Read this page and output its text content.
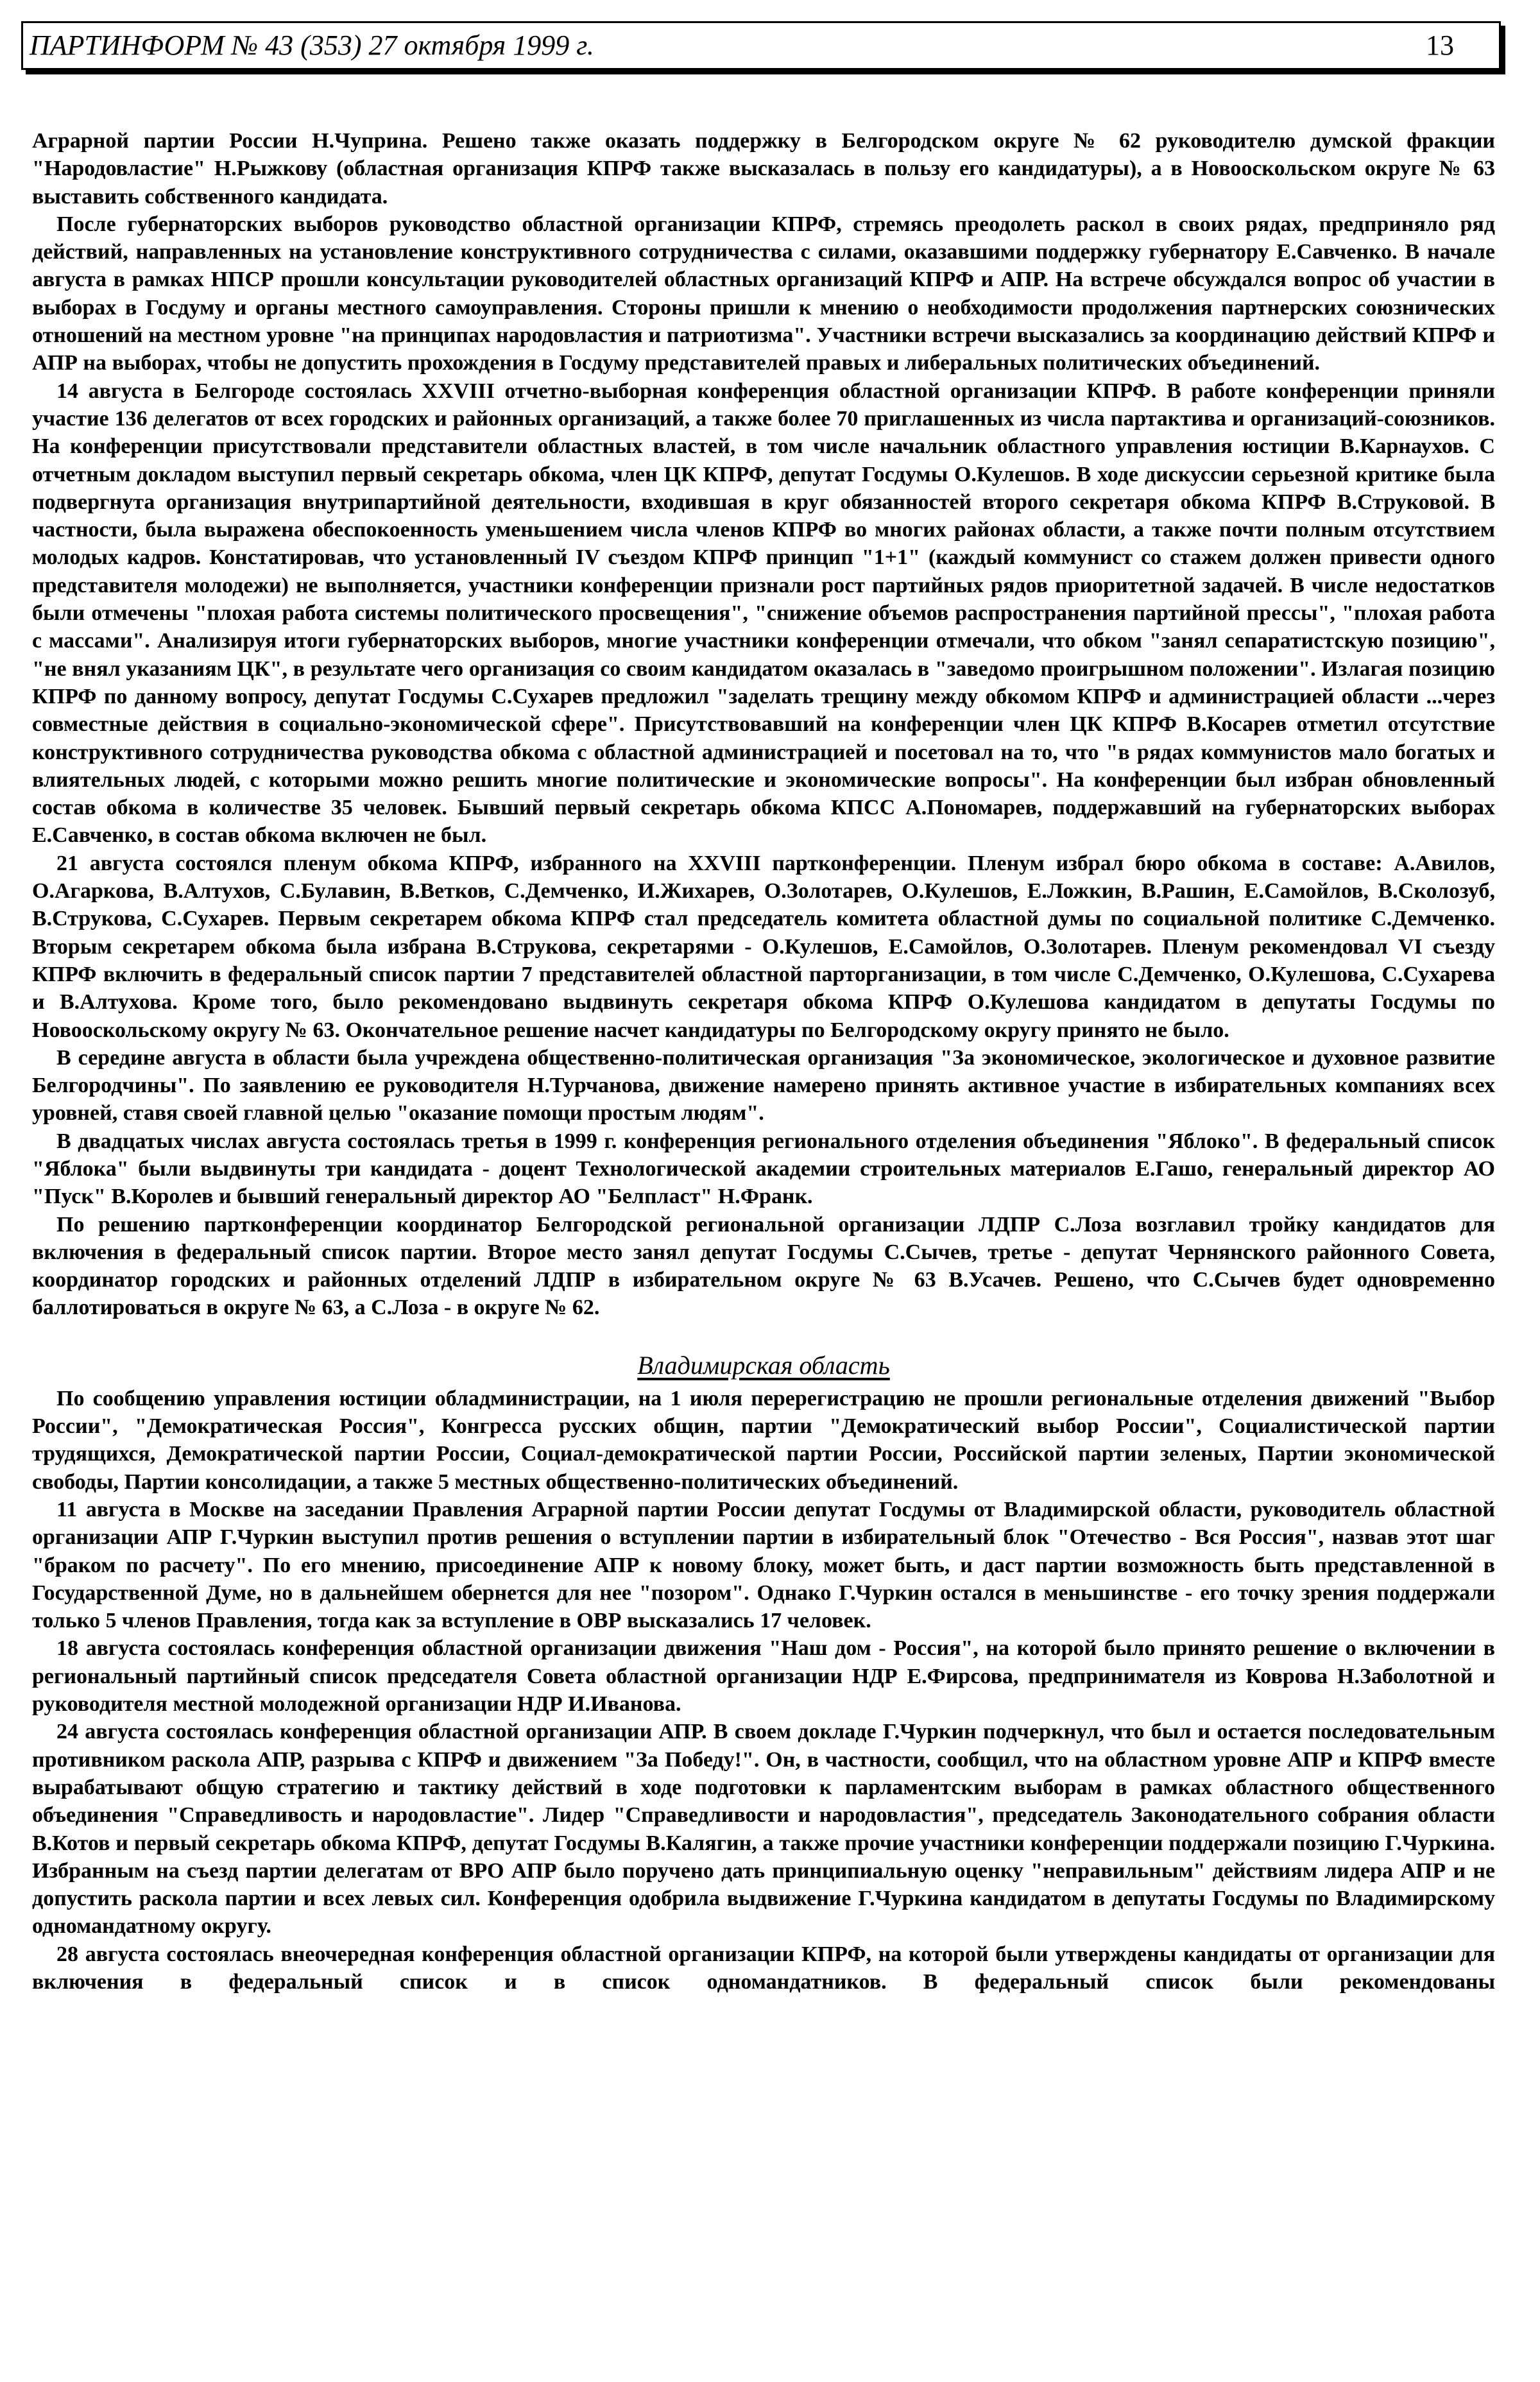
ПАРТИНФОРМ № 43 (353) 27 октября 1999 г.	13

Аграрной партии России Н.Чуприна. Решено также оказать поддержку в Белгородском округе № 62 руководителю думской фракции "Народовластие" Н.Рыжкову (областная организация КПРФ также высказалась в пользу его кандидатуры), а в Новооскольском округе № 63 выставить собственного кандидата.

После губернаторских выборов руководство областной организации КПРФ, стремясь преодолеть раскол в своих рядах, предприняло ряд действий, направленных на установление конструктивного сотрудничества с силами, оказавшими поддержку губернатору Е.Савченко. В начале августа в рамках НПСР прошли консультации руководителей областных организаций КПРФ и АПР. На встрече обсуждался вопрос об участии в выборах в Госдуму и органы местного самоуправления. Стороны пришли к мнению о необходимости продолжения партнерских союзнических отношений на местном уровне "на принципах народовластия и патриотизма". Участники встречи высказались за координацию действий КПРФ и АПР на выборах, чтобы не допустить прохождения в Госдуму представителей правых и либеральных политических объединений.

14 августа в Белгороде состоялась XXVIII отчетно-выборная конференция областной организации КПРФ. В работе конференции приняли участие 136 делегатов от всех городских и районных организаций, а также более 70 приглашенных из числа партактива и организаций-союзников. На конференции присутствовали представители областных властей, в том числе начальник областного управления юстиции В.Карнаухов. С отчетным докладом выступил первый секретарь обкома, член ЦК КПРФ, депутат Госдумы О.Кулешов. В ходе дискуссии серьезной критике была подвергнута организация внутрипартийной деятельности, входившая в круг обязанностей второго секретаря обкома КПРФ В.Струковой. В частности, была выражена обеспокоенность уменьшением числа членов КПРФ во многих районах области, а также почти полным отсутствием молодых кадров. Констатировав, что установленный IV съездом КПРФ принцип "1+1" (каждый коммунист со стажем должен привести одного представителя молодежи) не выполняется, участники конференции признали рост партийных рядов приоритетной задачей. В числе недостатков были отмечены "плохая работа системы политического просвещения", "снижение объемов распространения партийной прессы", "плохая работа с массами". Анализируя итоги губернаторских выборов, многие участники конференции отмечали, что обком "занял сепаратистскую позицию", "не внял указаниям ЦК", в результате чего организация со своим кандидатом оказалась в "заведомо проигрышном положении". Излагая позицию КПРФ по данному вопросу, депутат Госдумы С.Сухарев предложил "заделать трещину между обкомом КПРФ и администрацией области ...через совместные действия в социально-экономической сфере". Присутствовавший на конференции член ЦК КПРФ В.Косарев отметил отсутствие конструктивного сотрудничества руководства обкома с областной администрацией и посетовал на то, что "в рядах коммунистов мало богатых и влиятельных людей, с которыми можно решить многие политические и экономические вопросы". На конференции был избран обновленный состав обкома в количестве 35 человек. Бывший первый секретарь обкома КПСС А.Пономарев, поддержавший на губернаторских выборах Е.Савченко, в состав обкома включен не был.

21 августа состоялся пленум обкома КПРФ, избранного на XXVIII партконференции. Пленум избрал бюро обкома в составе: А.Авилов, О.Агаркова, В.Алтухов, С.Булавин, В.Ветков, С.Демченко, И.Жихарев, О.Золотарев, О.Кулешов, Е.Ложкин, В.Рашин, Е.Самойлов, В.Сколозуб, В.Струкова, С.Сухарев. Первым секретарем обкома КПРФ стал председатель комитета областной думы по социальной политике С.Демченко. Вторым секретарем обкома была избрана В.Струкова, секретарями - О.Кулешов, Е.Самойлов, О.Золотарев. Пленум рекомендовал VI съезду КПРФ включить в федеральный список партии 7 представителей областной парторганизации, в том числе С.Демченко, О.Кулешова, С.Сухарева и В.Алтухова. Кроме того, было рекомендовано выдвинуть секретаря обкома КПРФ О.Кулешова кандидатом в депутаты Госдумы по Новооскольскому округу № 63. Окончательное решение насчет кандидатуры по Белгородскому округу принято не было.

В середине августа в области была учреждена общественно-политическая организация "За экономическое, экологическое и духовное развитие Белгородчины". По заявлению ее руководителя Н.Турчанова, движение намерено принять активное участие в избирательных компаниях всех уровней, ставя своей главной целью "оказание помощи простым людям".

В двадцатых числах августа состоялась третья в 1999 г. конференция регионального отделения объединения "Яблоко". В федеральный список "Яблока" были выдвинуты три кандидата - доцент Технологической академии строительных материалов Е.Гашо, генеральный директор АО "Пуск" В.Королев и бывший генеральный директор АО "Белпласт" Н.Франк.

По решению партконференции координатор Белгородской региональной организации ЛДПР С.Лоза возглавил тройку кандидатов для включения в федеральный список партии. Второе место занял депутат Госдумы С.Сычев, третье - депутат Чернянского районного Совета, координатор городских и районных отделений ЛДПР в избирательном округе № 63 В.Усачев. Решено, что С.Сычев будет одновременно баллотироваться в округе № 63, а С.Лоза - в округе № 62.

Владимирская область

По сообщению управления юстиции обладминистрации, на 1 июля перерегистрацию не прошли региональные отделения движений "Выбор России", "Демократическая Россия", Конгресса русских общин, партии "Демократический выбор России", Социалистической партии трудящихся, Демократической партии России, Социал-демократической партии России, Российской партии зеленых, Партии экономической свободы, Партии консолидации, а также 5 местных общественно-политических объединений.

11 августа в Москве на заседании Правления Аграрной партии России депутат Госдумы от Владимирской области, руководитель областной организации АПР Г.Чуркин выступил против решения о вступлении партии в избирательный блок "Отечество - Вся Россия", назвав этот шаг "браком по расчету". По его мнению, присоединение АПР к новому блоку, может быть, и даст партии возможность быть представленной в Государственной Думе, но в дальнейшем обернется для нее "позором". Однако Г.Чуркин остался в меньшинстве - его точку зрения поддержали только 5 членов Правления, тогда как за вступление в ОВР высказались 17 человек.

18 августа состоялась конференция областной организации движения "Наш дом - Россия", на которой было принято решение о включении в региональный партийный список председателя Совета областной организации НДР Е.Фирсова, предпринимателя из Коврова Н.Заболотной и руководителя местной молодежной организации НДР И.Иванова.

24 августа состоялась конференция областной организации АПР. В своем докладе Г.Чуркин подчеркнул, что был и остается последовательным противником раскола АПР, разрыва с КПРФ и движением "За Победу!". Он, в частности, сообщил, что на областном уровне АПР и КПРФ вместе вырабатывают общую стратегию и тактику действий в ходе подготовки к парламентским выборам в рамках областного общественного объединения "Справедливость и народовластие". Лидер "Справедливости и народовластия", председатель Законодательного собрания области В.Котов и первый секретарь обкома КПРФ, депутат Госдумы В.Калягин, а также прочие участники конференции поддержали позицию Г.Чуркина. Избранным на съезд партии делегатам от ВРО АПР было поручено дать принципиальную оценку "неправильным" действиям лидера АПР и не допустить раскола партии и всех левых сил. Конференция одобрила выдвижение Г.Чуркина кандидатом в депутаты Госдумы по Владимирскому одномандатному округу.

28 августа состоялась внеочередная конференция областной организации КПРФ, на которой были утверждены кандидаты от организации для включения в федеральный список и в список одномандатников. В федеральный список были рекомендованы
